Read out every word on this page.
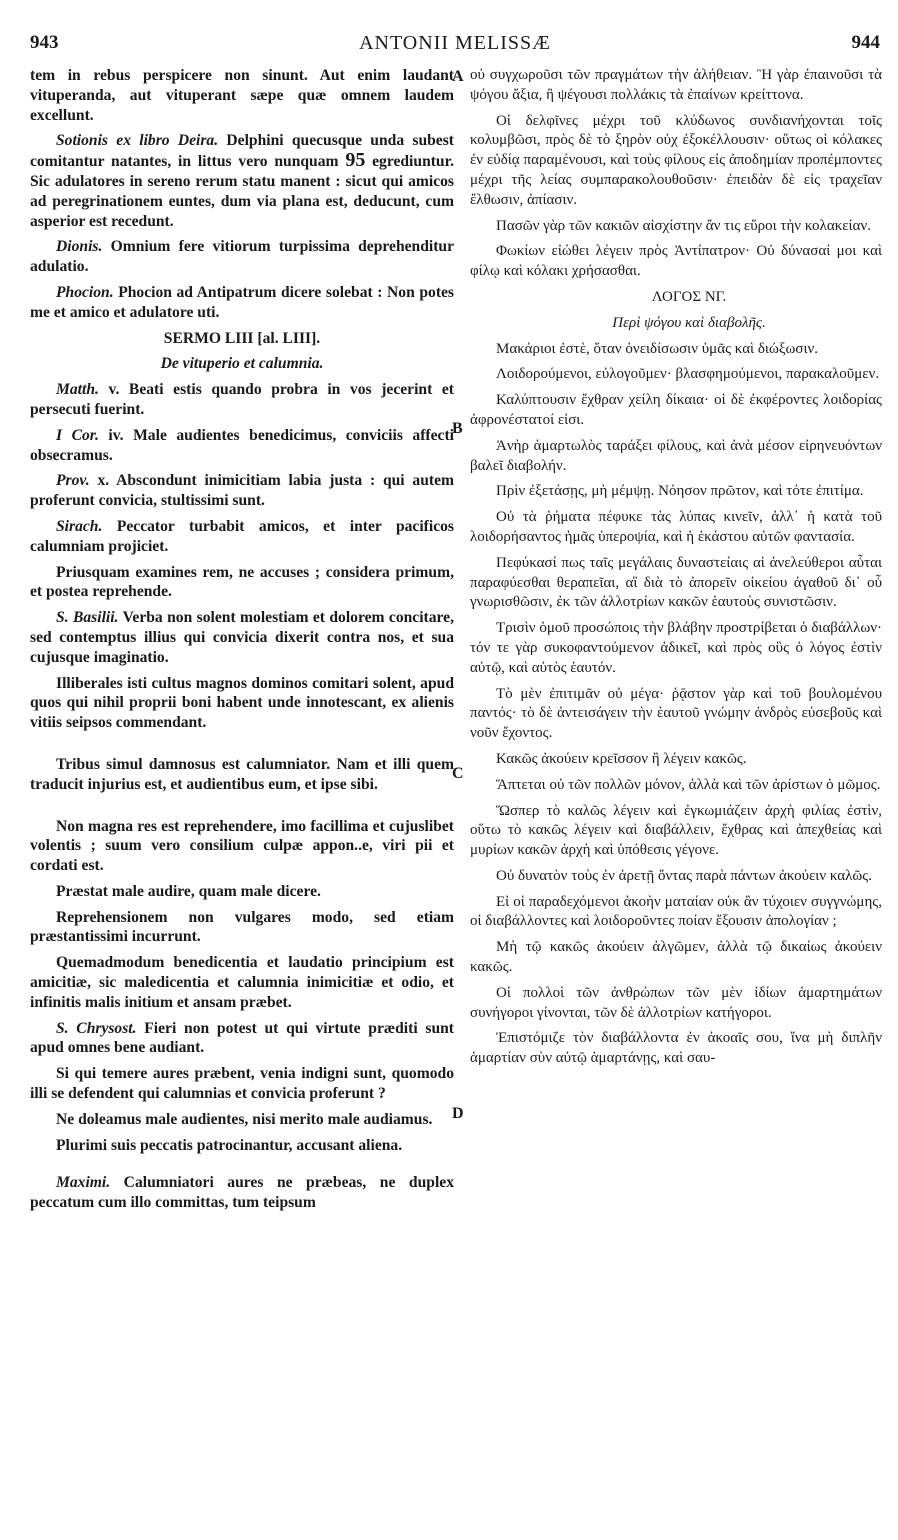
943	ANTONII MELISSÆ	944
A
B
C
D
tem in rebus perspicere non sinunt. Aut enim laudant vituperanda, aut vituperant sæpe quæ omnem laudem excellunt.
Sotionis ex libro Deira. Delphini quecusque unda subest comitantur natantes, in littus vero nunquam 95 egrediuntur. Sic adulatores in sereno rerum statu manent : sicut qui amicos ad peregrinationem euntes, dum via plana est, deducunt, cum asperior est recedunt.
Dionis. Omnium fere vitiorum turpissima deprehenditur adulatio.
Phocion. Phocion ad Antipatrum dicere solebat : Non potes me et amico et adulatore uti.
SERMO LIII [al. LIII].
De vituperio et calumnia.
Matth. v. Beati estis quando probra in vos jecerint et persecuti fuerint.
I Cor. iv. Male audientes benedicimus, conviciis affecti obsecramus.
Prov. x. Abscondunt inimicitiam labia justa : qui autem proferunt convicia, stultissimi sunt.
Sirach. Peccator turbabit amicos, et inter pacificos calumniam projiciet.
Priusquam examines rem, ne accuses ; considera primum, et postea reprehende.
S. Basilii. Verba non solent molestiam et dolorem concitare, sed contemptus illius qui convicia dixerit contra nos, et sua cujusque imaginatio.
Illiberales isti cultus magnos dominos comitari solent, apud quos qui nihil proprii boni habent unde innotescant, ex alienis vitiis seipsos commendant.
Tribus simul damnosus est calumniator. Nam et illi quem traducit injurius est, et audientibus eum, et ipse sibi.
Non magna res est reprehendere, imo facillima et cujuslibet volentis ; suum vero consilium culpæ appon..e, viri pii et cordati est.
Præstat male audire, quam male dicere.
Reprehensionem non vulgares modo, sed etiam præstantissimi incurrunt.
Quemadmodum benedicentia et laudatio principium est amicitiæ, sic maledicentia et calumnia inimicitiæ et odio, et infinitis malis initium et ansam præbet.
S. Chrysost. Fieri non potest ut qui virtute præditi sunt apud omnes bene audiant.
Si qui temere aures præbent, venia indigni sunt, quomodo illi se defendent qui calumnias et convicia proferunt ?
Ne doleamus male audientes, nisi merito male audiamus.
Plurimi suis peccatis patrocinantur, accusant aliena.
Maximi. Calumniatori aures ne præbeas, ne duplex peccatum cum illo committas, tum teipsum
οὐ συγχωροῦσι τῶν πραγμάτων τὴν ἀλήθειαν. Ἢ γὰρ ἐπαινοῦσι τὰ ψόγου ἄξια, ἢ ψέγουσι πολλάκις τὰ ἐπαίνων κρείττονα.
Οἱ δελφῖνες μέχρι τοῦ κλύδωνος συνδιανήχονται τοῖς κολυμβῶσι, πρὸς δὲ τὸ ξηρὸν οὐχ ἐξοκέλλουσιν· οὕτως οἱ κόλακες ἐν εὐδίᾳ παραμένουσι, καὶ τοὺς φίλους εἰς ἀποδημίαν προπέμποντες μέχρι τῆς λείας συμπαρακολουθοῦσιν· ἐπειδὰν δὲ εἰς τραχεῖαν ἔλθωσιν, ἀπίασιν.
Πασῶν γὰρ τῶν κακιῶν αἰσχίστην ἄν τις εὕροι τὴν κολακείαν.
Φωκίων εἰώθει λέγειν πρὸς Ἀντίπατρον· Οὐ δύνασαί μοι καὶ φίλῳ καὶ κόλακι χρήσασθαι.
ΛΟΓΟΣ ΝΓ.
Περὶ ψόγου καὶ διαβολῆς.
Μακάριοι ἐστὲ, ὅταν ὀνειδίσωσιν ὑμᾶς καὶ διώξωσιν.
Λοιδορούμενοι, εὐλογοῦμεν· βλασφημούμενοι, παρακαλοῦμεν.
Καλύπτουσιν ἔχθραν χείλη δίκαια· οἱ δὲ ἐκφέροντες λοιδορίας ἀφρονέστατοί εἰσι.
Ἀνὴρ ἁμαρτωλὸς ταράξει φίλους, καὶ ἀνὰ μέσον εἰρηνευόντων βαλεῖ διαβολήν.
Πρὶν ἐξετάσῃς, μὴ μέμψῃ. Νόησον πρῶτον, καὶ τότε ἐπιτίμα.
Οὐ τὰ ῥήματα πέφυκε τὰς λύπας κινεῖν, ἀλλ᾽ ἡ κατὰ τοῦ λοιδορήσαντος ἡμᾶς ὑπεροψία, καὶ ἡ ἑκάστου αὐτῶν φαντασία.
Πεφύκασί πως ταῖς μεγάλαις δυναστείαις αἱ ἀνελεύθεροι αὗται παραφύεσθαι θεραπεῖαι, αἳ διὰ τὸ ἀπορεῖν οἰκείου ἀγαθοῦ δι᾽ οὗ γνωρισθῶσιν, ἐκ τῶν ἀλλοτρίων κακῶν ἑαυτοὺς συνιστῶσιν.
Τρισὶν ὁμοῦ προσώποις τὴν βλάβην προστρίβεται ὁ διαβάλλων· τόν τε γὰρ συκοφαντούμενον ἀδικεῖ, καὶ πρὸς οὓς ὁ λόγος ἐστὶν αὐτῷ, καὶ αὐτὸς ἑαυτόν.
Τὸ μὲν ἐπιτιμᾶν οὐ μέγα· ῥᾷστον γὰρ καὶ τοῦ βουλομένου παντός· τὸ δὲ ἀντεισάγειν τὴν ἑαυτοῦ γνώμην ἀνδρὸς εὐσεβοῦς καὶ νοῦν ἔχοντος.
Κακῶς ἀκούειν κρεῖσσον ἢ λέγειν κακῶς.
Ἅπτεται οὐ τῶν πολλῶν μόνον, ἀλλὰ καὶ τῶν ἀρίστων ὁ μῶμος.
Ὥσπερ τὸ καλῶς λέγειν καὶ ἐγκωμιάζειν ἀρχὴ φιλίας ἐστὶν, οὕτω τὸ κακῶς λέγειν καὶ διαβάλλειν, ἔχθρας καὶ ἀπεχθείας καὶ μυρίων κακῶν ἀρχὴ καὶ ὑπόθεσις γέγονε.
Οὐ δυνατὸν τοὺς ἐν ἀρετῇ ὄντας παρὰ πάντων ἀκούειν καλῶς.
Εἰ οἱ παραδεχόμενοι ἀκοὴν ματαίαν οὐκ ἂν τύχοιεν συγγνώμης, οἱ διαβάλλοντες καὶ λοιδοροῦντες ποίαν ἕξουσιν ἀπολογίαν ;
Μὴ τῷ κακῶς ἀκούειν ἀλγῶμεν, ἀλλὰ τῷ δικαίως ἀκούειν κακῶς.
Οἱ πολλοὶ τῶν ἀνθρώπων τῶν μὲν ἰδίων ἁμαρτημάτων συνήγοροι γίνονται, τῶν δὲ ἀλλοτρίων κατήγοροι.
Ἐπιστόμιζε τὸν διαβάλλοντα ἐν ἀκοαῖς σου, ἵνα μὴ διπλῆν ἁμαρτίαν σὺν αὐτῷ ἁμαρτάνῃς, καὶ σαυ-
